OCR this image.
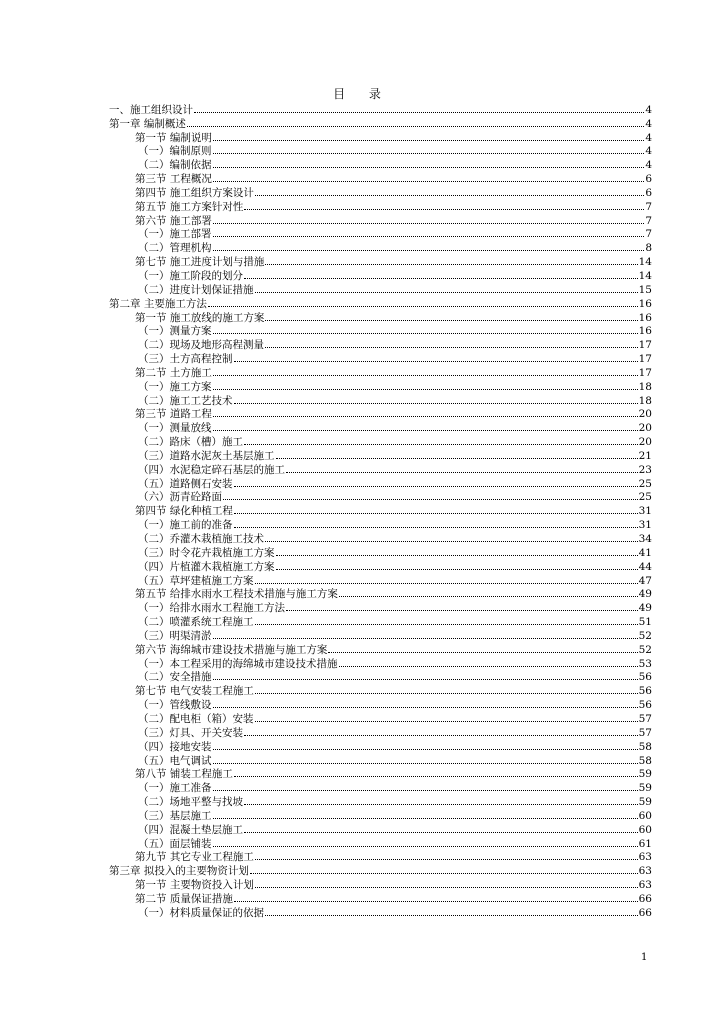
目 录
一、施工组织设计	4
第一章 编制概述	4
第一节 编制说明	4
（一）编制原则	4
（二）编制依据	4
第三节 工程概况	6
第四节 施工组织方案设计	6
第五节 施工方案针对性	7
第六节 施工部署	7
（一）施工部署	7
（二）管理机构	8
第七节 施工进度计划与措施	14
（一）施工阶段的划分	14
（二）进度计划保证措施	15
第二章 主要施工方法	16
第一节 施工放线的施工方案	16
（一）测量方案	16
（二）现场及地形高程测量	17
（三）土方高程控制	17
第二节 土方施工	17
（一）施工方案	18
（二）施工工艺技术	18
第三节 道路工程	20
（一）测量放线	20
（二）路床（槽）施工	20
（三）道路水泥灰土基层施工	21
（四）水泥稳定碎石基层的施工	23
（五）道路侧石安装	25
（六）沥青砼路面	25
第四节 绿化种植工程	31
（一）施工前的准备	31
（二）乔灌木栽植施工技术	34
（三）时令花卉栽植施工方案	41
（四）片植灌木栽植施工方案	44
（五）草坪建植施工方案	47
第五节 给排水雨水工程技术措施与施工方案	49
（一）给排水雨水工程施工方法	49
（二）喷灌系统工程施工	51
（三）明渠清淤	52
第六节 海绵城市建设技术措施与施工方案	52
（一）本工程采用的海绵城市建设技术措施	53
（二）安全措施	56
第七节 电气安装工程施工	56
（一）管线敷设	56
（二）配电柜（箱）安装	57
（三）灯具、开关安装	57
（四）接地安装	58
（五）电气调试	58
第八节 铺装工程施工	59
（一）施工准备	59
（二）场地平整与找坡	59
（三）基层施工	60
（四）混凝土垫层施工	60
（五）面层铺装	61
第九节 其它专业工程施工	63
第三章 拟投入的主要物资计划	63
第一节 主要物资投入计划	63
第二节 质量保证措施	66
（一）材料质量保证的依据	66
1
